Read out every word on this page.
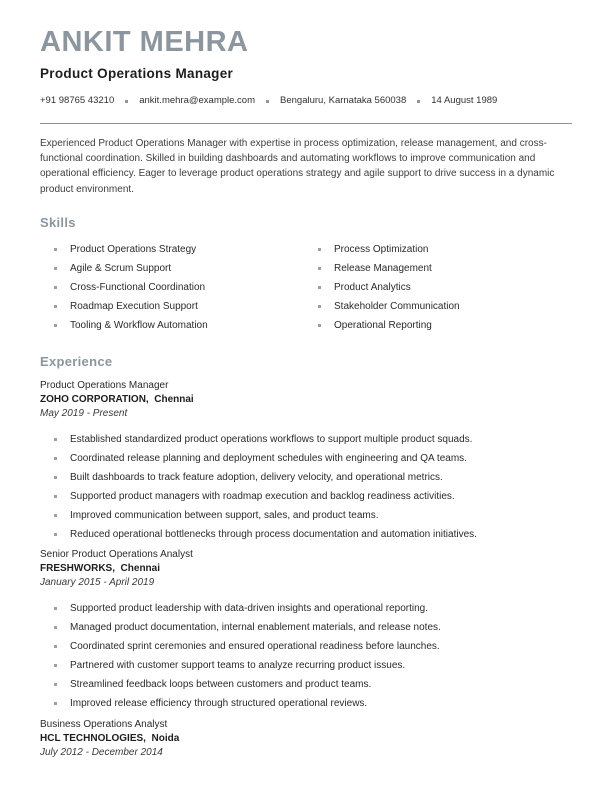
ANKIT MEHRA
Product Operations Manager
+91 98765 43210	ankit.mehra@example.com	Bengaluru, Karnataka 560038	14 August 1989

Experienced Product Operations Manager with expertise in process optimization, release management, and cross-functional coordination. Skilled in building dashboards and automating workflows to improve communication and operational efficiency. Eager to leverage product operations strategy and agile support to drive success in a dynamic product environment.

Skills
Product Operations Strategy	Process Optimization
Agile & Scrum Support	Release Management
Cross-Functional Coordination	Product Analytics
Roadmap Execution Support	Stakeholder Communication
Tooling & Workflow Automation	Operational Reporting
Experience
Product Operations Manager
ZOHO CORPORATION,  Chennai
May 2019 - Present
Established standardized product operations workflows to support multiple product squads.
Coordinated release planning and deployment schedules with engineering and QA teams.
Built dashboards to track feature adoption, delivery velocity, and operational metrics.
Supported product managers with roadmap execution and backlog readiness activities.
Improved communication between support, sales, and product teams.
Reduced operational bottlenecks through process documentation and automation initiatives.
Senior Product Operations Analyst
FRESHWORKS,  Chennai
January 2015 - April 2019
Supported product leadership with data-driven insights and operational reporting.
Managed product documentation, internal enablement materials, and release notes.
Coordinated sprint ceremonies and ensured operational readiness before launches.
Partnered with customer support teams to analyze recurring product issues.
Streamlined feedback loops between customers and product teams.
Improved release efficiency through structured operational reviews.
Business Operations Analyst
HCL TECHNOLOGIES,  Noida
July 2012 - December 2014
